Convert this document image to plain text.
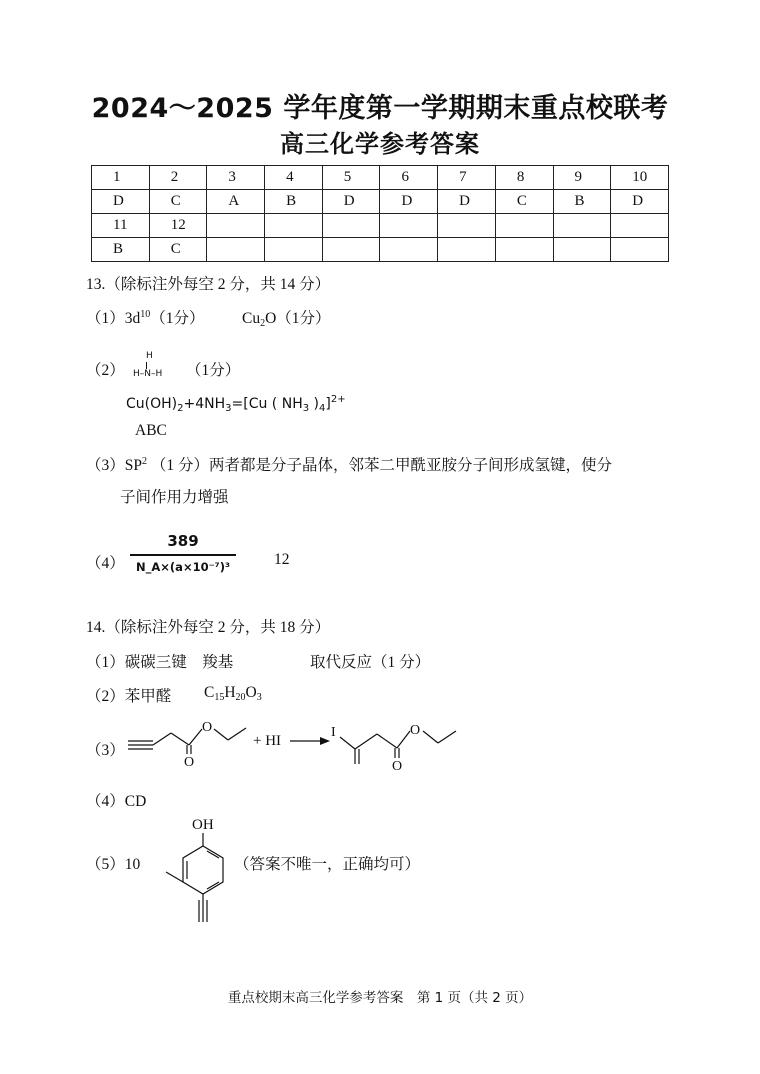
2024～2025 学年度第一学期期末重点校联考
高三化学参考答案
1	2	3	4	5	6	7	8	9	10
D	C	A	B	D	D	D	C	B	D
11	12								
B	C								
13.（除标注外每空 2 分，共 14 分）
$(1)3d^{10}(1$分） $Cu_2O(1$分）
（2）
H
H–N–H （1分）
$Cu(OH)_2+4NH_3=[Cu$ ( $NH_3$ )$_4]^{2+}$
ABC
$(3)SP^2$ （1 分）两者都是分子晶体，邻苯二甲酰亚胺分子间形成氢键，使分
子间作用力增强
（4）
389
N_A×(a×10⁻⁷)³	12
14.（除标注外每空 2 分，共 18 分）
（1）碳碳三键　羧基	取代反应（1 分）
（2）苯甲醛 $C_{15}H_{20}O_3$
（3）
O
O
O
O
I
+ HI
OH
（4）CD
（5）10	（答案不唯一，正确均可）
重点校期末高三化学参考答案　第 1 页（共 2 页）
